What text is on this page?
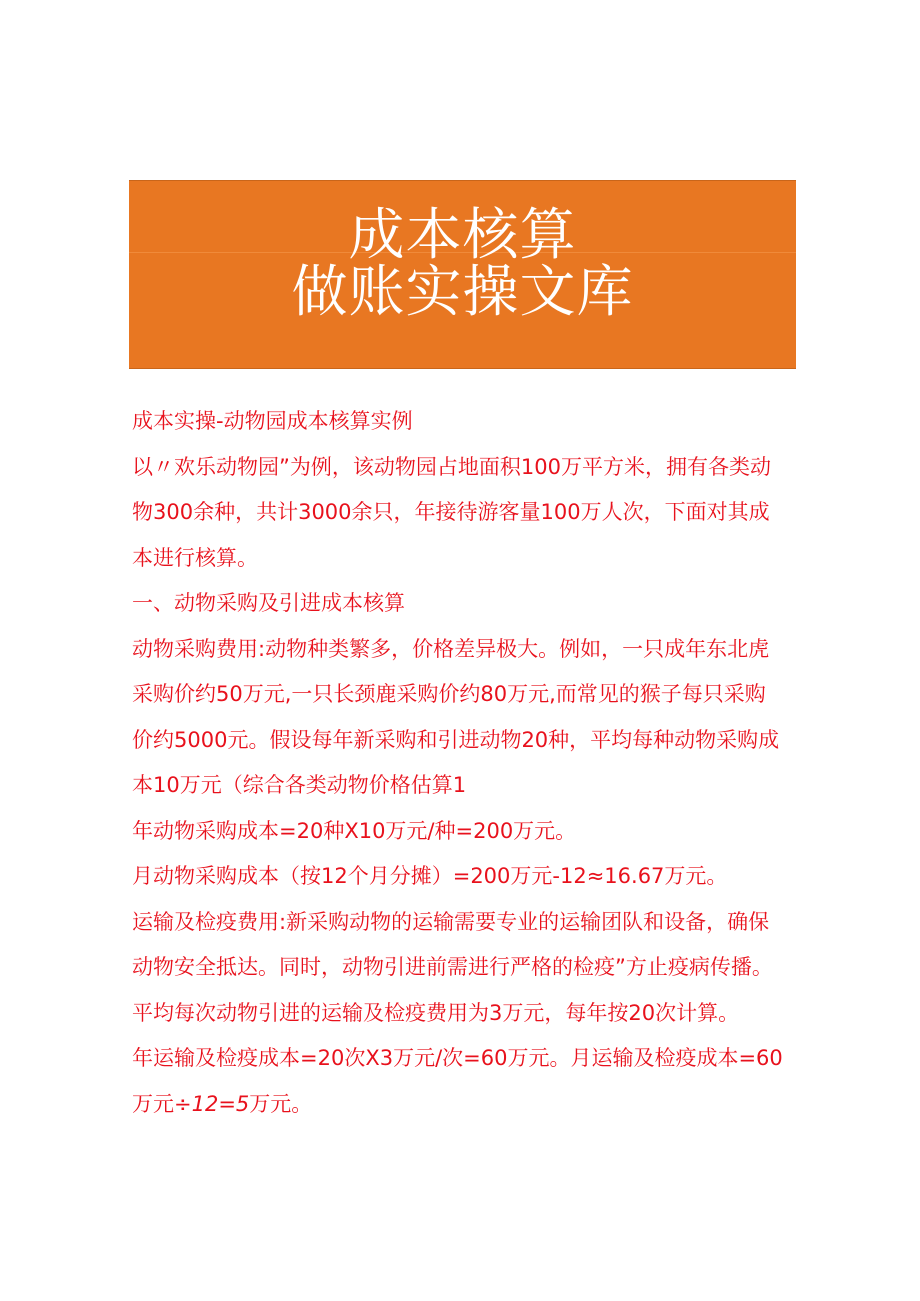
成本核算
做账实操文库

成本实操-动物园成本核算实例

以〃欢乐动物园”为例，该动物园占地面积100万平方米，拥有各类动

物300余种，共计3000余只，年接待游客量100万人次，下面对其成

本进行核算。

一、动物采购及引进成本核算

动物采购费用:动物种类繁多，价格差异极大。例如，一只成年东北虎

采购价约50万元,一只长颈鹿采购价约80万元,而常见的猴子每只采购

价约5000元。假设每年新采购和引进动物20种，平均每种动物采购成

本10万元（综合各类动物价格估算1

年动物采购成本=20种X10万元/种=200万元。

月动物采购成本（按12个月分摊）=200万元-12≈16.67万元。

运输及检疫费用:新采购动物的运输需要专业的运输团队和设备，确保

动物安全抵达。同时，动物引进前需进行严格的检疫”方止疫病传播。

平均每次动物引进的运输及检疫费用为3万元，每年按20次计算。

年运输及检疫成本=20次X3万元/次=60万元。月运输及检疫成本=60

万元÷12=5万元。
